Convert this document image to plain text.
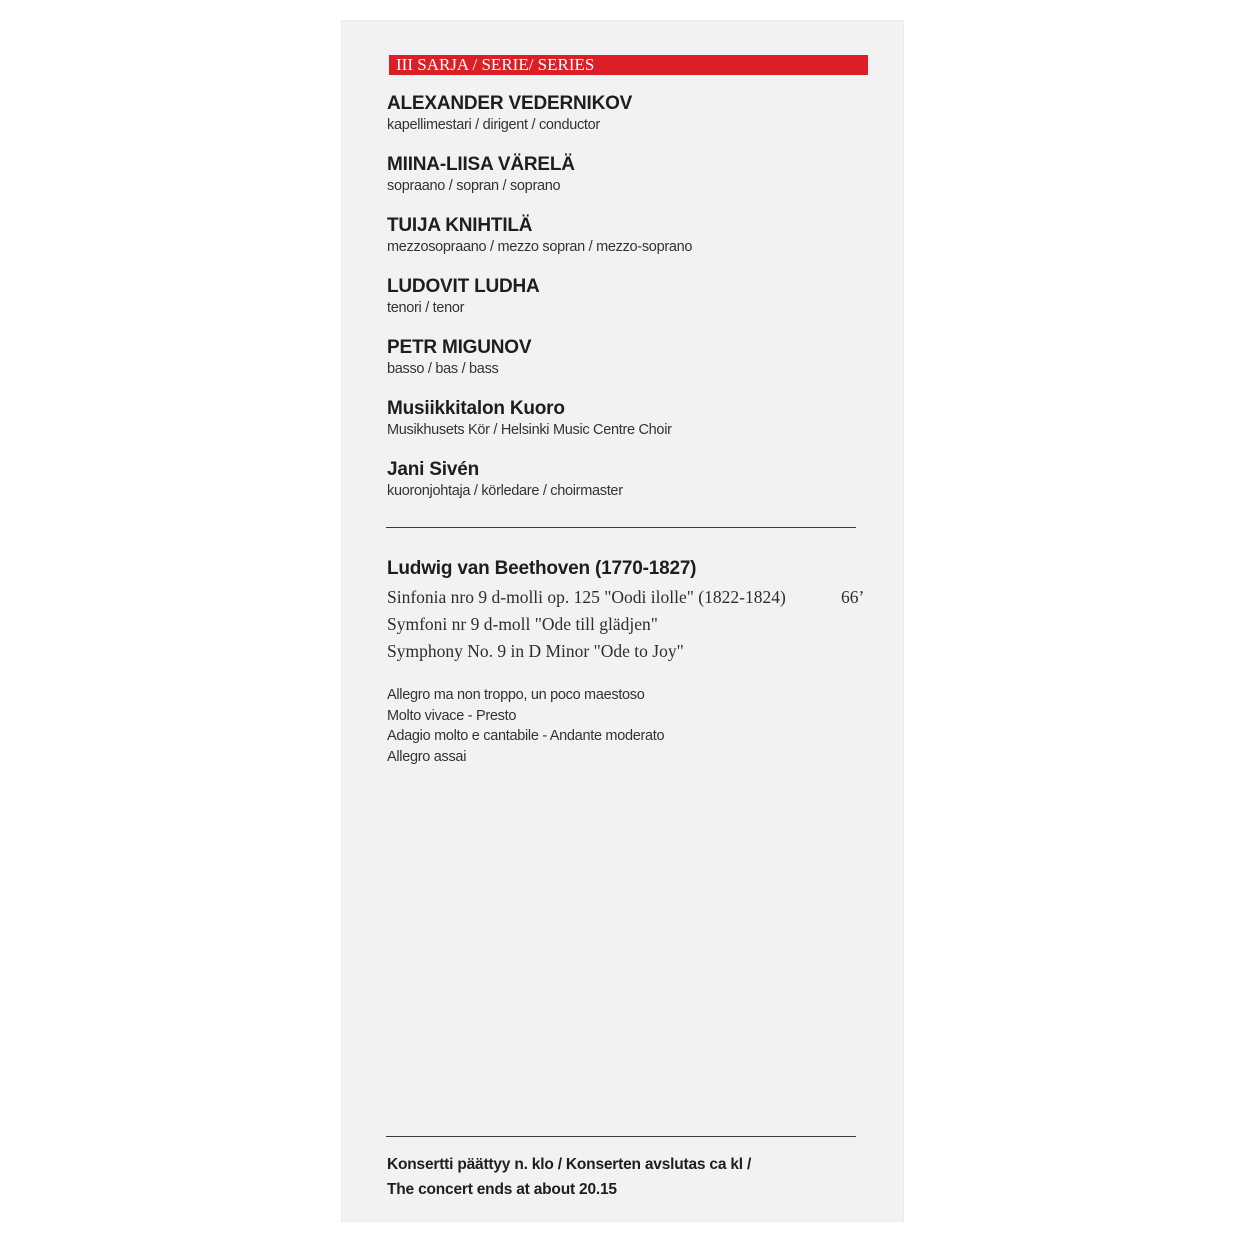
III SARJA / SERIE/ SERIES
ALEXANDER VEDERNIKOV
kapellimestari / dirigent / conductor
MIINA-LIISA VÄRELÄ
sopraano / sopran / soprano
TUIJA KNIHTILÄ
mezzosopraano / mezzo sopran / mezzo-soprano
LUDOVIT LUDHA
tenori / tenor
PETR MIGUNOV
basso / bas / bass
Musiikkitalon Kuoro
Musikhusets Kör / Helsinki Music Centre Choir
Jani Sivén
kuoronjohtaja / körledare / choirmaster
Ludwig van Beethoven (1770-1827)
Sinfonia nro 9 d-molli op. 125 "Oodi ilolle" (1822-1824)	66’
Symfoni nr 9 d-moll "Ode till glädjen"
Symphony No. 9 in D Minor "Ode to Joy"
Allegro ma non troppo, un poco maestoso
Molto vivace - Presto
Adagio molto e cantabile - Andante moderato
Allegro assai
Konsertti päättyy n. klo / Konserten avslutas ca kl /
The concert ends at about 20.15
